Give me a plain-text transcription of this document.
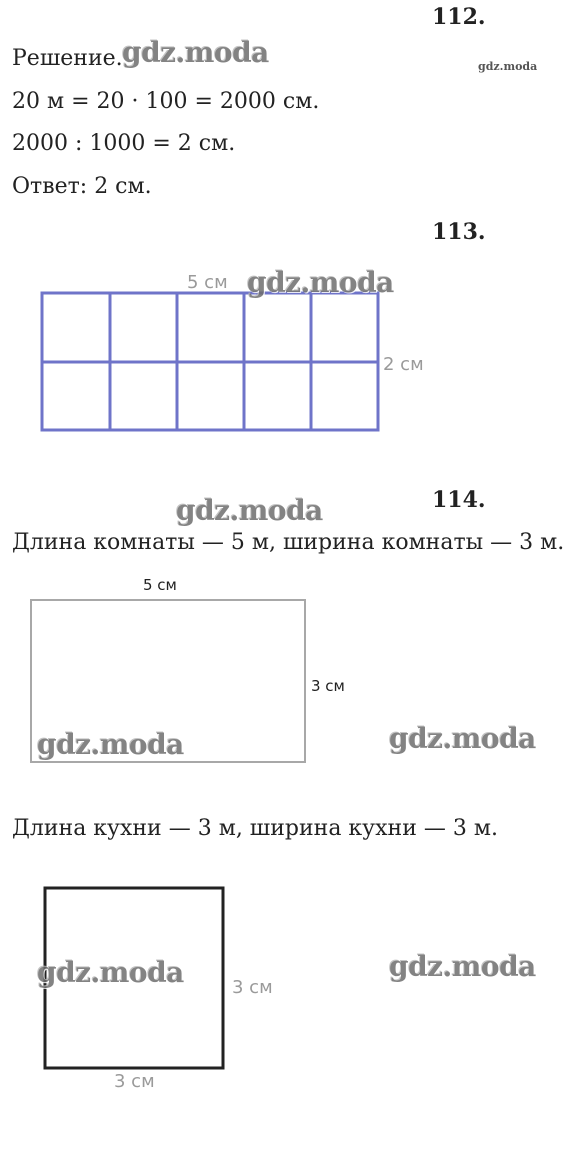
112.
Решение.
20 м = 20 · 100 = 2000 см.
2000 : 1000 = 2 см.
Ответ: 2 см.
gdz.moda	gdz.moda
113.
5 см
2 см
gdz.moda
114.
gdz.moda
Длина комнаты — 5 м, ширина комнаты — 3 м.
5 см
3 см
gdz.moda	gdz.moda
Длина кухни — 3 м, ширина кухни — 3 м.
gdz.moda	gdz.moda
3 см
3 см
